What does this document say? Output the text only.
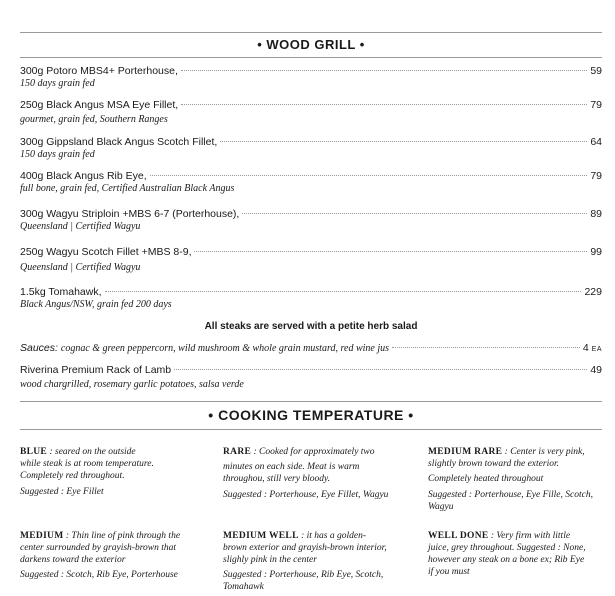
• WOOD GRILL •
300g Potoro MBS4+ Porterhouse,	59
150 days grain fed
250g Black Angus MSA Eye Fillet,	79
gourmet, grain fed, Southern Ranges
300g Gippsland Black Angus Scotch Fillet,	64
150 days grain fed
400g Black Angus Rib Eye,	79
full bone, grain fed, Certified Australian Black Angus
300g Wagyu Striploin +MBS 6-7 (Porterhouse),	89
Queensland | Certified Wagyu
250g Wagyu Scotch Fillet +MBS 8-9,	99
Queensland | Certified Wagyu
1.5kg Tomahawk,	229
Black Angus/NSW, grain fed 200 days
All steaks are served with a petite herb salad
Sauces: cognac & green peppercorn, wild mushroom & whole grain mustard, red wine jus	4 EA
Riverina Premium Rack of Lamb	49
wood chargrilled, rosemary garlic potatoes, salsa verde
• COOKING TEMPERATURE •

BLUE : seared on the outside

while steak is at room temperature.

Completely red throughout.

Suggested : Eye Fillet

MEDIUM : Thin line of pink through the

center surrounded by grayish-brown that

darkens toward the exterior

Suggested : Scotch, Rib Eye, Porterhouse

RARE : Cooked for approximately two

minutes on each side. Meat is warm

throughou, still very bloody.

Suggested : Porterhouse, Eye Fillet, Wagyu

MEDIUM WELL : it has a golden-

brown exterior and grayish-brown interior,

slighly pink in the center

Suggested : Porterhouse, Rib Eye, Scotch,

Tomahawk

MEDIUM RARE : Center is very pink,

slightly brown toward the exterior.

Completely heated throughout

Suggested : Porterhouse, Eye Fille, Scotch,

Wagyu

WELL DONE : Very firm with little

juice, grey throughout. Suggested : None,

however any steak on a bone ex; Rib Eye

if you must
